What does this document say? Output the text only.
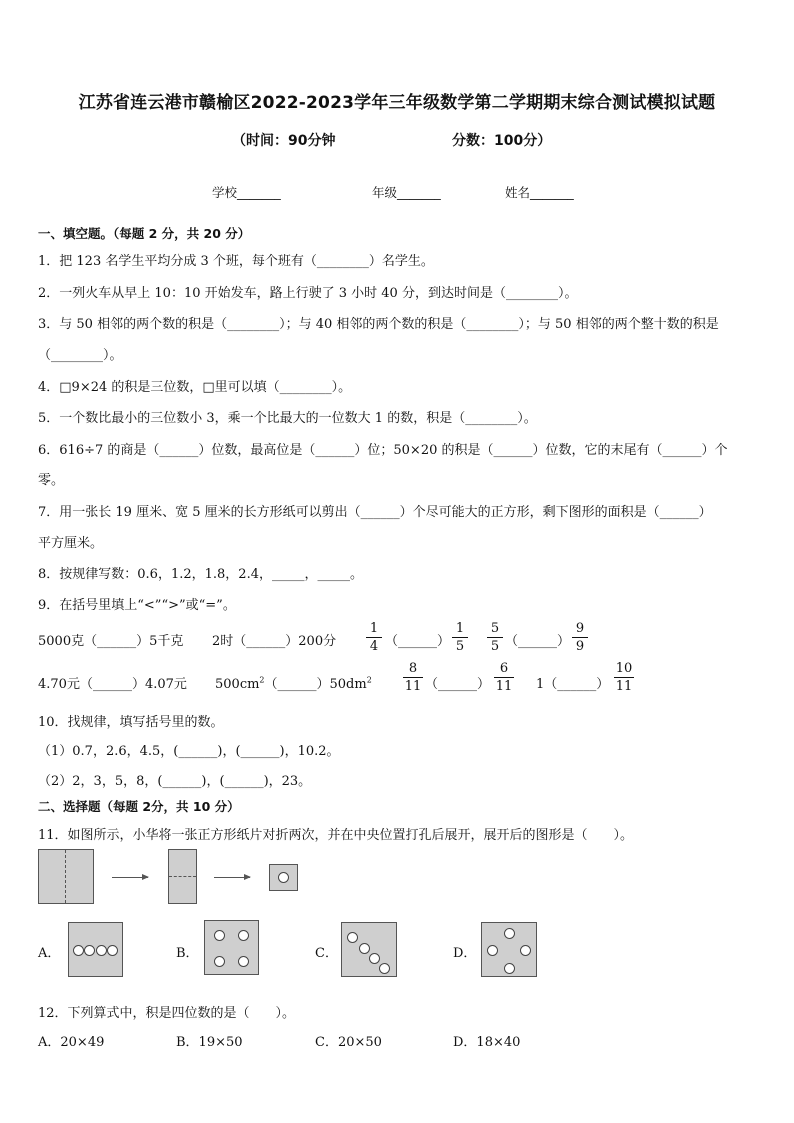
江苏省连云港市赣榆区2022-2023学年三年级数学第二学期期末综合测试模拟试题
（时间：90分钟	分数：100分）
学校_______	年级_______	姓名_______
一、填空题。（每题 2 分，共 20 分）
1．把 123 名学生平均分成 3 个班，每个班有（________）名学生。
2．一列火车从早上 10：10 开始发车，路上行驶了 3 小时 40 分，到达时间是（________）。
3．与 50 相邻的两个数的积是（________）；与 40 相邻的两个数的积是（________）；与 50 相邻的两个整十数的积是
（________）。
4．□9×24 的积是三位数，□里可以填（________）。
5．一个数比最小的三位数小 3，乘一个比最大的一位数大 1 的数，积是（________）。
6．616÷7 的商是（______）位数，最高位是（______）位；50×20 的积是（______）位数，它的末尾有（______）个
零。
7．用一张长 19 厘米、宽 5 厘米的长方形纸可以剪出（______）个尽可能大的正方形，剩下图形的面积是（______）
平方厘米。
8．按规律写数：0.6，1.2，1.8，2.4，_____，_____。
9．在括号里填上“<”“>”或“=”。
5000克（______）5千克 2时（______）200分 $\frac{1}{4}$ （______） $\frac{1}{5} \frac{5}{5}$ （______） $\frac{9}{9}$
4.70元（______）4.07元 $500cm^2(\_\_\_\_\_\_)50dm^2 \frac{8}{11}$ （______） $\frac{6}{11}$ 1（______） $\frac{10}{11}$
10．找规律，填写括号里的数。
（1）0.7，2.6，4.5，(______)，(______)，10.2。
（2）2，3，5，8，(______)，(______)，23。
二、选择题（每题 2分，共 10 分）
11．如图所示，小华将一张正方形纸片对折两次，并在中央位置打孔后展开，展开后的图形是（　　）。
A．	B．	C．	D．
12．下列算式中，积是四位数的是（　　）。
A．20×49	B．19×50	C．20×50	D．18×40
